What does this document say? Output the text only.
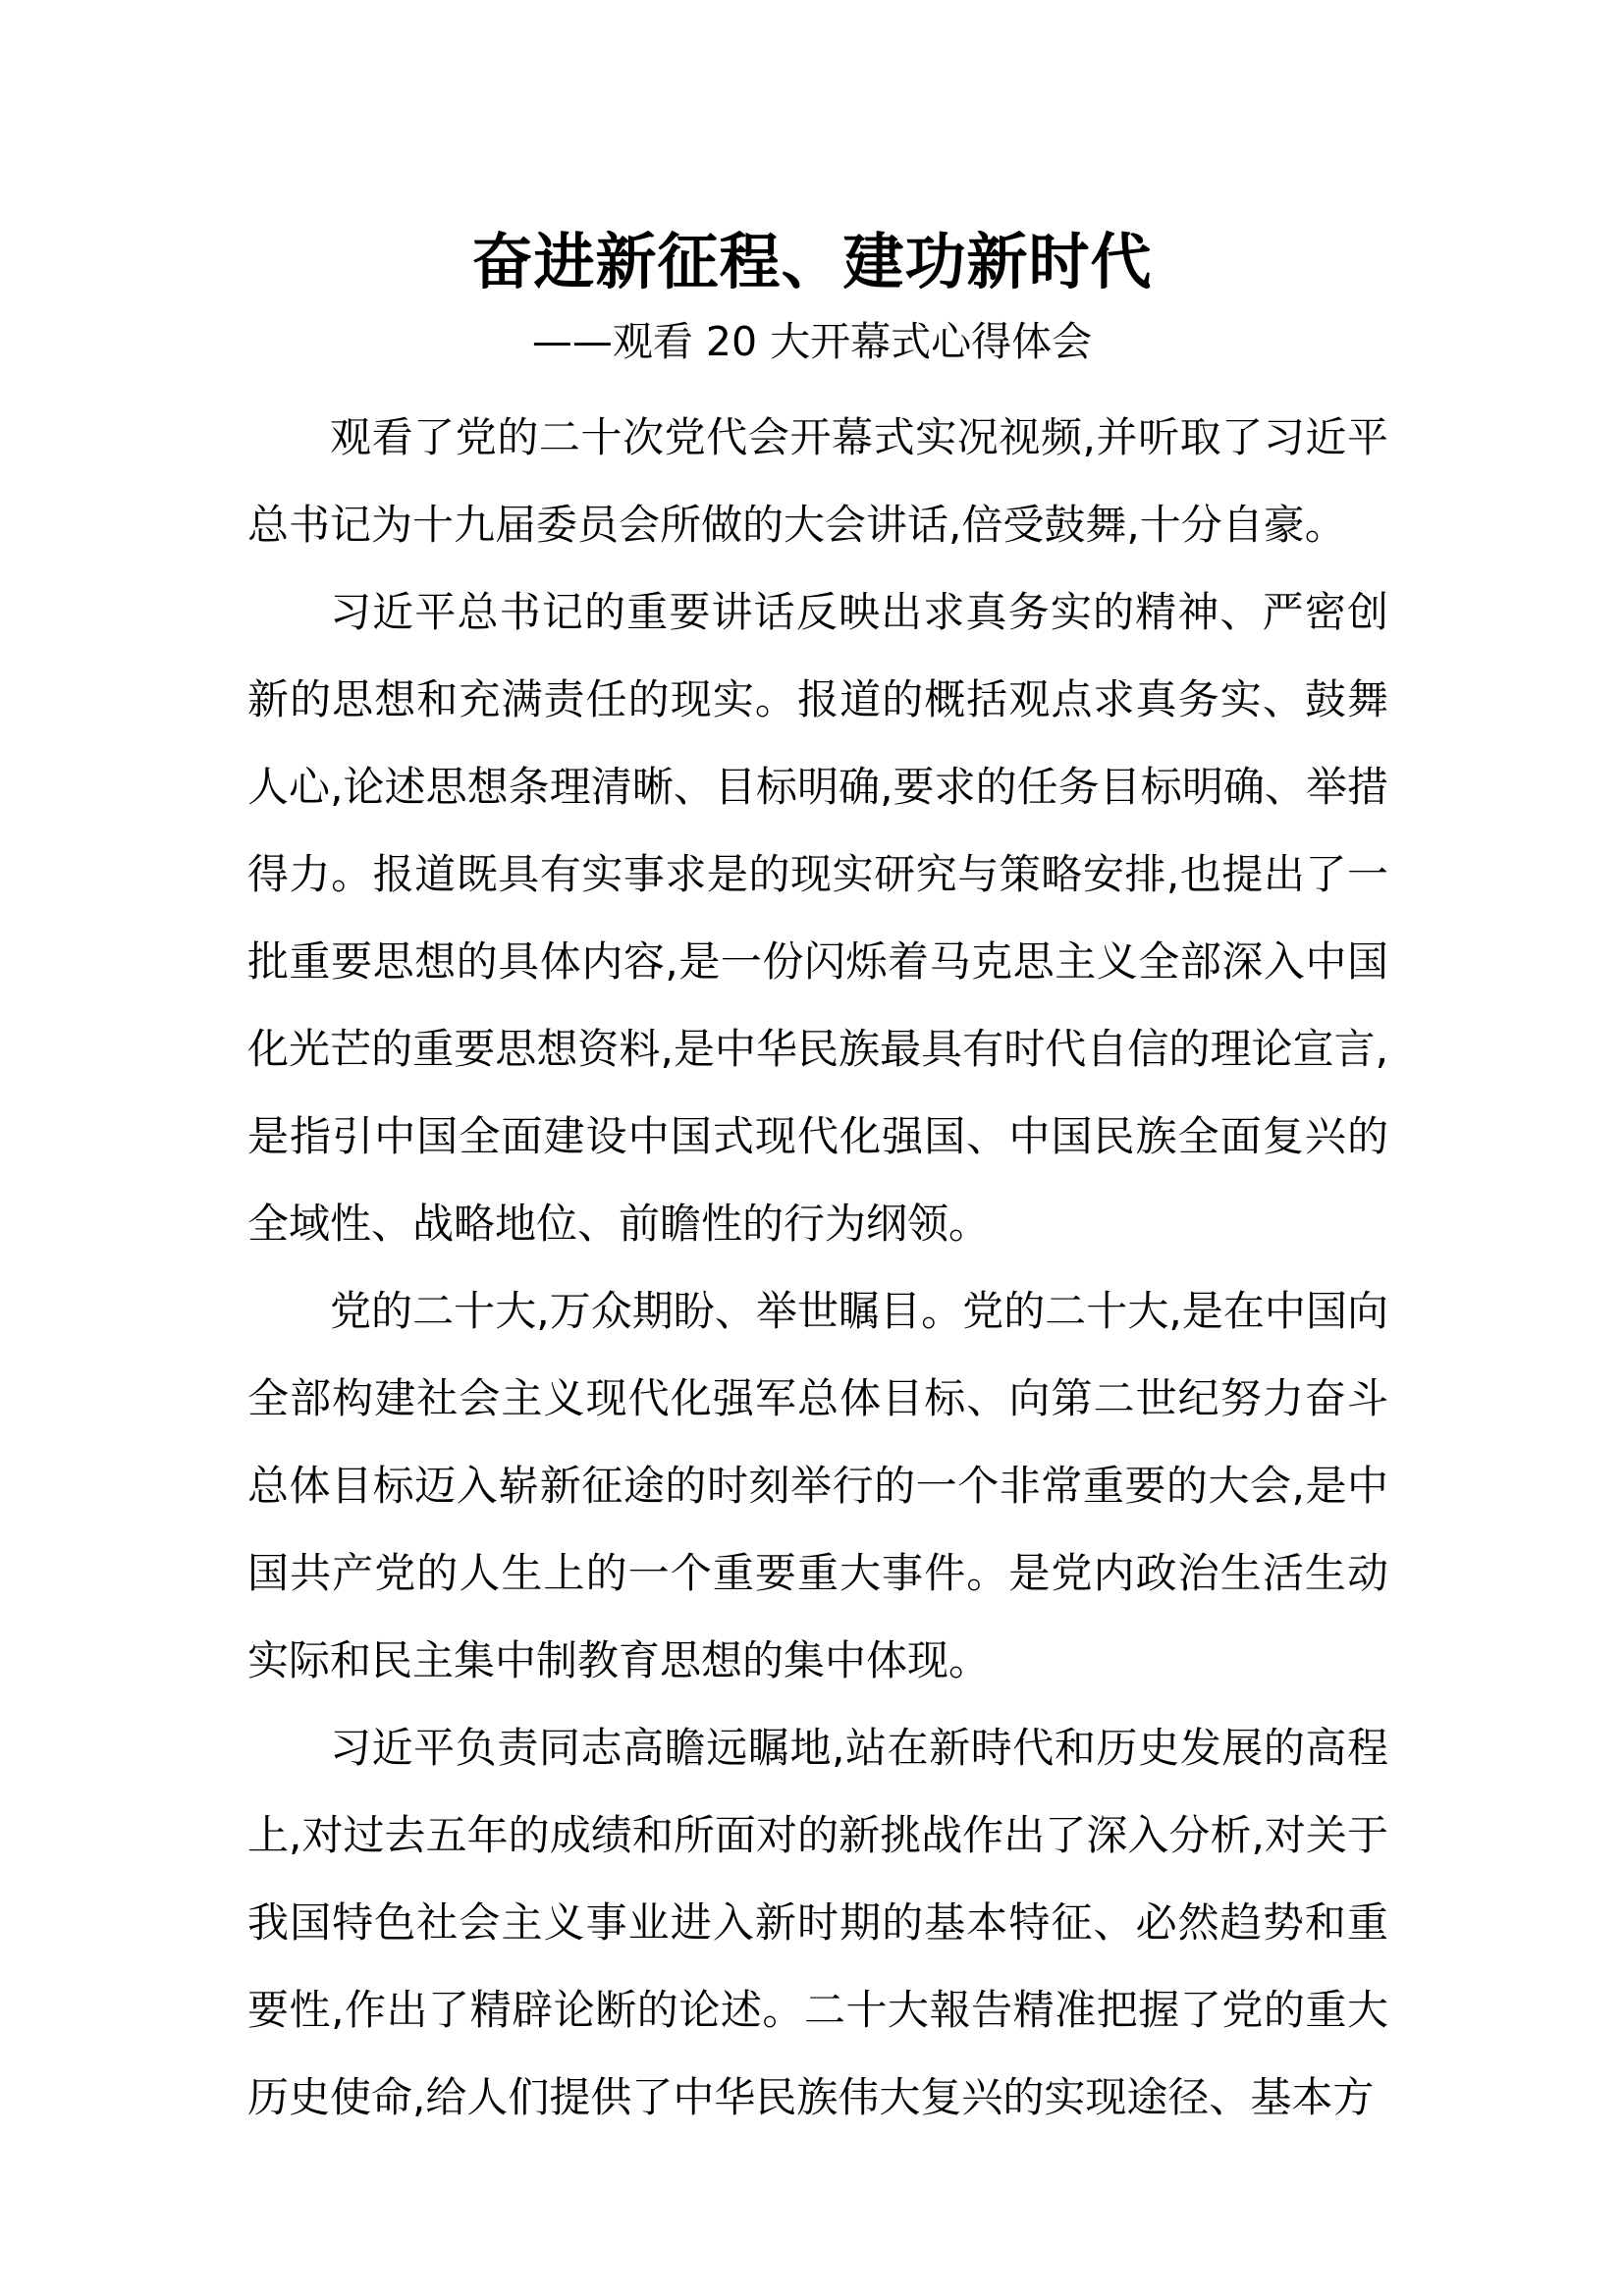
奋进新征程、建功新时代
——观看 20 大开幕式心得体会

观看了党的二十次党代会开幕式实况视频,并听取了习近平总书记为十九届委员会所做的大会讲话,倍受鼓舞,十分自豪。

习近平总书记的重要讲话反映出求真务实的精神、严密创新的思想和充满责任的现实。报道的概括观点求真务实、鼓舞人心,论述思想条理清晰、目标明确,要求的任务目标明确、举措得力。报道既具有实事求是的现实研究与策略安排,也提出了一批重要思想的具体内容,是一份闪烁着马克思主义全部深入中国化光芒的重要思想资料,是中华民族最具有时代自信的理论宣言,是指引中国全面建设中国式现代化强国、中国民族全面复兴的全域性、战略地位、前瞻性的行为纲领。

党的二十大,万众期盼、举世瞩目。党的二十大,是在中国向全部构建社会主义现代化强军总体目标、向第二世纪努力奋斗总体目标迈入崭新征途的时刻举行的一个非常重要的大会,是中国共产党的人生上的一个重要重大事件。是党内政治生活生动实际和民主集中制教育思想的集中体现。

习近平负责同志高瞻远瞩地,站在新時代和历史发展的高程上,对过去五年的成绩和所面对的新挑战作出了深入分析,对关于我国特色社会主义事业进入新时期的基本特征、必然趋势和重要性,作出了精辟论断的论述。二十大報告精准把握了党的重大历史使命,给人们提供了中华民族伟大复兴的实现途径、基本方
